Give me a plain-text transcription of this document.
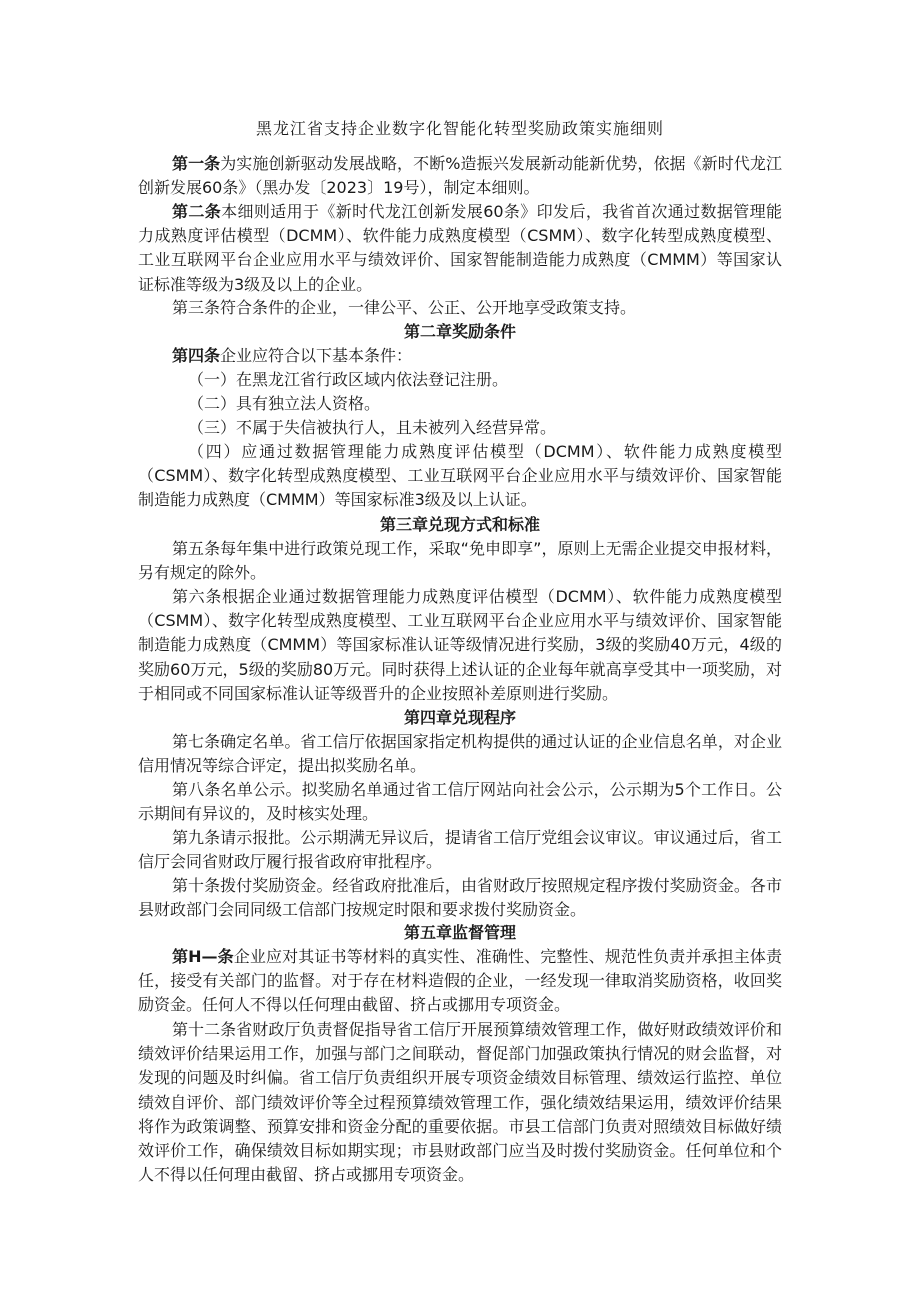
黑龙江省支持企业数字化智能化转型奖励政策实施细则

第一条为实施创新驱动发展战略，不断%造振兴发展新动能新优势，依据《新时代龙江创新发展60条》（黑办发〔2023〕19号），制定本细则。

第二条本细则适用于《新时代龙江创新发展60条》印发后，我省首次通过数据管理能力成熟度评估模型（DCMM）、软件能力成熟度模型（CSMM）、数字化转型成熟度模型、工业互联网平台企业应用水平与绩效评价、国家智能制造能力成熟度（CMMM）等国家认证标准等级为3级及以上的企业。

第三条符合条件的企业，一律公平、公正、公开地享受政策支持。

第二章奖励条件

第四条企业应符合以下基本条件：

（一）在黑龙江省行政区域内依法登记注册。

（二）具有独立法人资格。

（三）不属于失信被执行人，且未被列入经营异常。

（四）应通过数据管理能力成熟度评估模型（DCMM）、软件能力成熟度模型（CSMM）、数字化转型成熟度模型、工业互联网平台企业应用水平与绩效评价、国家智能制造能力成熟度（CMMM）等国家标准3级及以上认证。

第三章兑现方式和标准

第五条每年集中进行政策兑现工作，采取“免申即享”，原则上无需企业提交申报材料，另有规定的除外。

第六条根据企业通过数据管理能力成熟度评估模型（DCMM）、软件能力成熟度模型（CSMM）、数字化转型成熟度模型、工业互联网平台企业应用水平与绩效评价、国家智能制造能力成熟度（CMMM）等国家标准认证等级情况进行奖励，3级的奖励40万元，4级的奖励60万元，5级的奖励80万元。同时获得上述认证的企业每年就高享受其中一项奖励，对于相同或不同国家标准认证等级晋升的企业按照补差原则进行奖励。

第四章兑现程序

第七条确定名单。省工信厅依据国家指定机构提供的通过认证的企业信息名单，对企业信用情况等综合评定，提出拟奖励名单。

第八条名单公示。拟奖励名单通过省工信厅网站向社会公示，公示期为5个工作日。公示期间有异议的，及时核实处理。

第九条请示报批。公示期满无异议后，提请省工信厅党组会议审议。审议通过后，省工信厅会同省财政厅履行报省政府审批程序。

第十条拨付奖励资金。经省政府批准后，由省财政厅按照规定程序拨付奖励资金。各市县财政部门会同同级工信部门按规定时限和要求拨付奖励资金。

第五章监督管理

第H—条企业应对其证书等材料的真实性、准确性、完整性、规范性负责并承担主体责任，接受有关部门的监督。对于存在材料造假的企业，一经发现一律取消奖励资格，收回奖励资金。任何人不得以任何理由截留、挤占或挪用专项资金。

第十二条省财政厅负责督促指导省工信厅开展预算绩效管理工作，做好财政绩效评价和绩效评价结果运用工作，加强与部门之间联动，督促部门加强政策执行情况的财会监督，对发现的问题及时纠偏。省工信厅负责组织开展专项资金绩效目标管理、绩效运行监控、单位绩效自评价、部门绩效评价等全过程预算绩效管理工作，强化绩效结果运用，绩效评价结果将作为政策调整、预算安排和资金分配的重要依据。市县工信部门负责对照绩效目标做好绩效评价工作，确保绩效目标如期实现；市县财政部门应当及时拨付奖励资金。任何单位和个人不得以任何理由截留、挤占或挪用专项资金。
